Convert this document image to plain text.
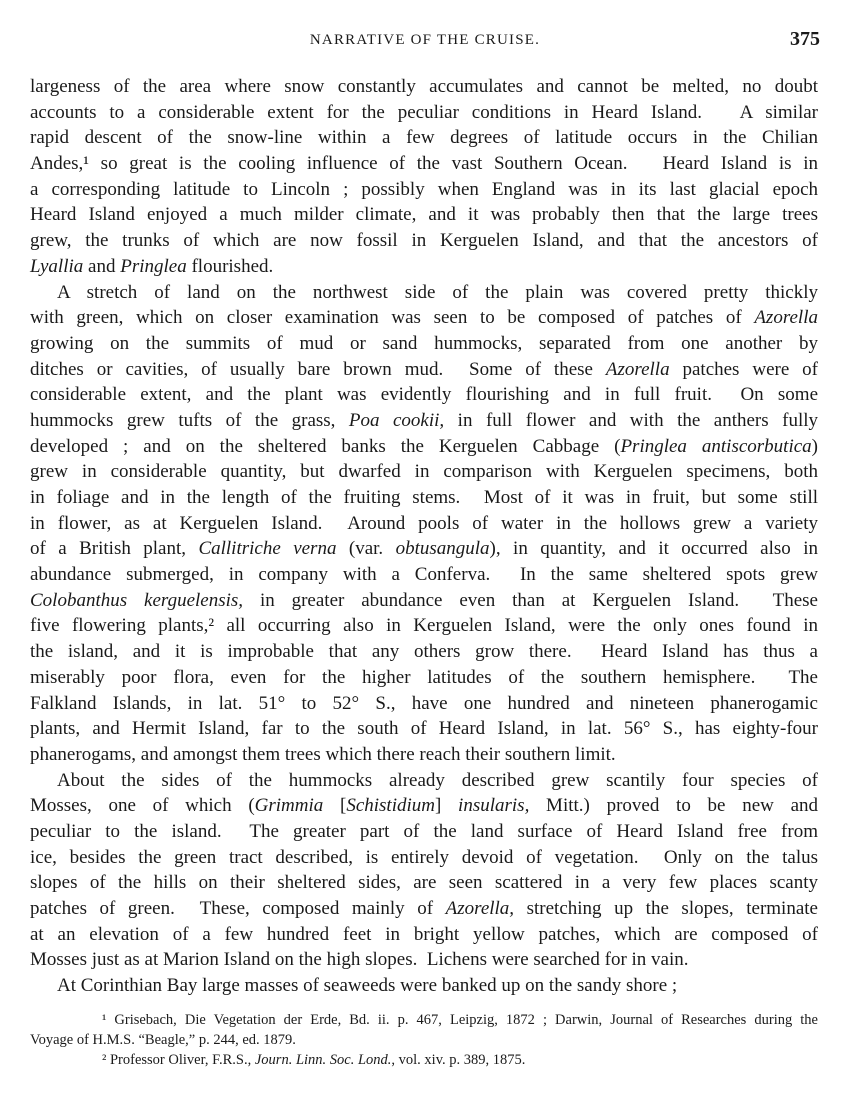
NARRATIVE OF THE CRUISE.	375
largeness of the area where snow constantly accumulates and cannot be melted, no doubt
accounts to a considerable extent for the peculiar conditions in Heard Island.   A similar
rapid descent of the snow-line within a few degrees of latitude occurs in the Chilian
Andes,¹ so great is the cooling influence of the vast Southern Ocean.   Heard Island is in
a corresponding latitude to Lincoln ; possibly when England was in its last glacial epoch
Heard Island enjoyed a much milder climate, and it was probably then that the large trees
grew, the trunks of which are now fossil in Kerguelen Island, and that the ancestors of
Lyallia and Pringlea flourished.
A stretch of land on the northwest side of the plain was covered pretty thickly
with green, which on closer examination was seen to be composed of patches of Azorella
growing on the summits of mud or sand hummocks, separated from one another by
ditches or cavities, of usually bare brown mud.  Some of these Azorella patches were of
considerable extent, and the plant was evidently flourishing and in full fruit.  On some
hummocks grew tufts of the grass, Poa cookii, in full flower and with the anthers fully
developed ; and on the sheltered banks the Kerguelen Cabbage (Pringlea antiscorbutica)
grew in considerable quantity, but dwarfed in comparison with Kerguelen specimens, both
in foliage and in the length of the fruiting stems.  Most of it was in fruit, but some still
in flower, as at Kerguelen Island.  Around pools of water in the hollows grew a variety
of a British plant, Callitriche verna (var. obtusangula), in quantity, and it occurred also in
abundance submerged, in company with a Conferva.  In the same sheltered spots grew
Colobanthus kerguelensis, in greater abundance even than at Kerguelen Island.  These
five flowering plants,² all occurring also in Kerguelen Island, were the only ones found in
the island, and it is improbable that any others grow there.  Heard Island has thus a
miserably poor flora, even for the higher latitudes of the southern hemisphere.  The
Falkland Islands, in lat. 51° to 52° S., have one hundred and nineteen phanerogamic
plants, and Hermit Island, far to the south of Heard Island, in lat. 56° S., has eighty-four
phanerogams, and amongst them trees which there reach their southern limit.
About the sides of the hummocks already described grew scantily four species of
Mosses, one of which (Grimmia [Schistidium] insularis, Mitt.) proved to be new and
peculiar to the island.  The greater part of the land surface of Heard Island free from
ice, besides the green tract described, is entirely devoid of vegetation.  Only on the talus
slopes of the hills on their sheltered sides, are seen scattered in a very few places scanty
patches of green.  These, composed mainly of Azorella, stretching up the slopes, terminate
at an elevation of a few hundred feet in bright yellow patches, which are composed of
Mosses just as at Marion Island on the high slopes.  Lichens were searched for in vain.
At Corinthian Bay large masses of seaweeds were banked up on the sandy shore ;
¹ Grisebach, Die Vegetation der Erde, Bd. ii. p. 467, Leipzig, 1872 ; Darwin, Journal of Researches during the
Voyage of H.M.S. “Beagle,” p. 244, ed. 1879.
² Professor Oliver, F.R.S., Journ. Linn. Soc. Lond., vol. xiv. p. 389, 1875.
